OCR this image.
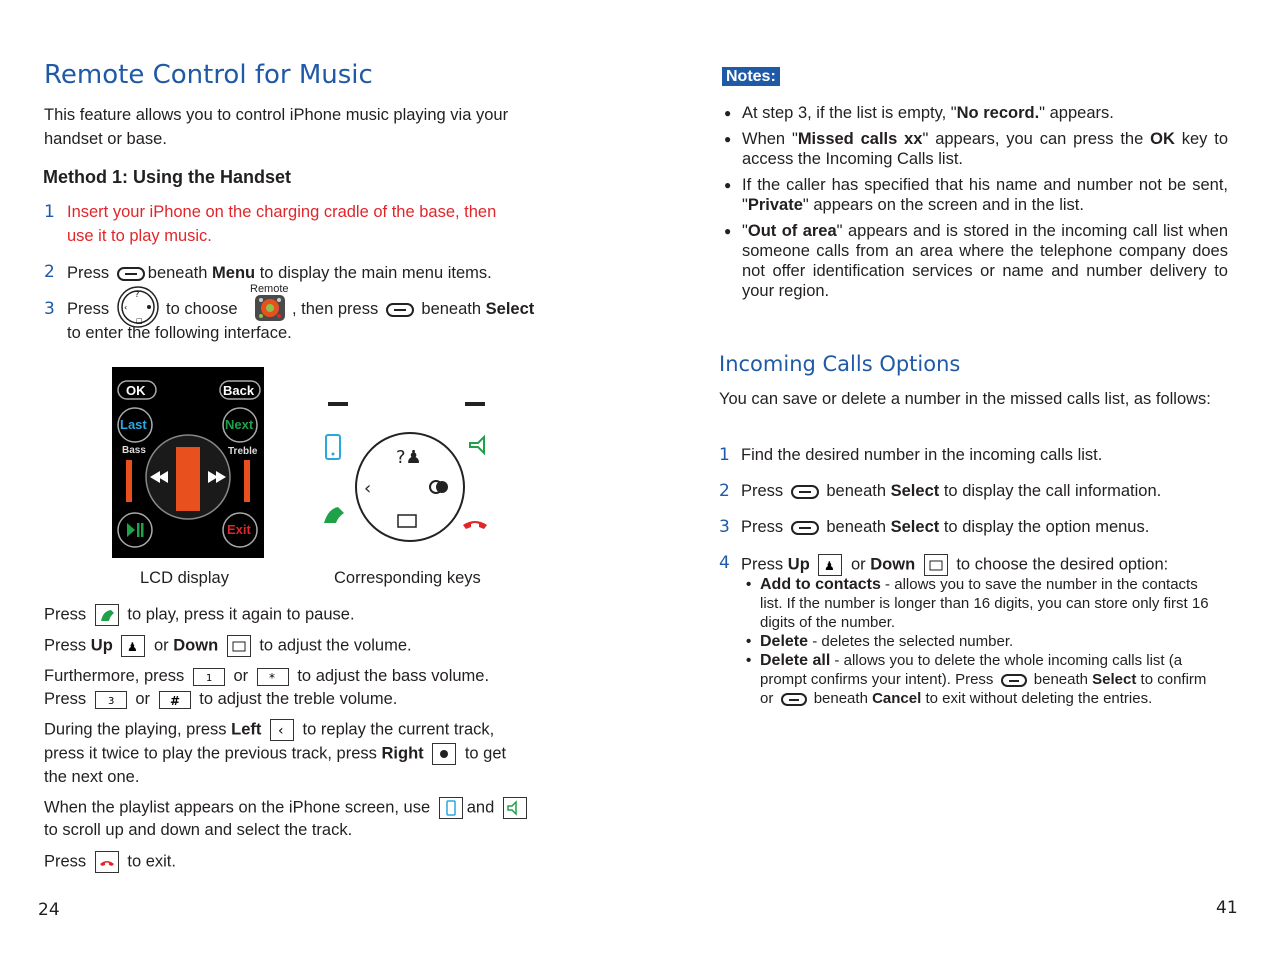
Remote Control for Music
This feature allows you to control iPhone music playing via your
handset or base.
Method 1: Using the Handset
1 Insert your iPhone on the charging cradle of the base, then
use it to play music.
2 Press beneath Menu to display the main menu items.
3 Press
?
□
‹ to choose
Remote
, then press	beneath Select
to enter the following interface.
OK	Back
Last	Next
Bass	Treble
Exit
LCD display
?♟
‹
Corresponding keys
Press to play, press it again to pause.
Press Up ♟ or Down to adjust the volume.
Furthermore, press 1 or * to adjust the bass volume.
Press 3 or # to adjust the treble volume.
During the playing, press Left ‹ to replay the current track,
press it twice to play the previous track, press Right to get
the next one.
When the playlist appears on the iPhone screen, use and
to scroll up and down and select the track.
Press to exit.
24
Notes:
● At step 3, if the list is empty, "No record." appears.
● When "Missed calls xx" appears, you can press the OK key to access the Incoming Calls list.
● If the caller has specified that his name and number not be sent, "Private" appears on the screen and in the list.
● "Out of area" appears and is stored in the incoming call list when someone calls from an area where the telephone company does not offer identification services or name and number delivery to your region.
Incoming Calls Options
You can save or delete a number in the missed calls list, as follows:
1 Find the desired number in the incoming calls list.
2 Press	beneath Select to display the call information.
3 Press	beneath Select to display the option menus.
4 Press Up ♟ or Down to choose the desired option:
• Add to contacts - allows you to save the number in the contacts list. If the number is longer than 16 digits, you can store only first 16 digits of the number.
• Delete - deletes the selected number.
• Delete all - allows you to delete the whole incoming calls list (a prompt confirms your intent). Press	beneath Select to confirm or	beneath Cancel to exit without deleting the entries.
41
